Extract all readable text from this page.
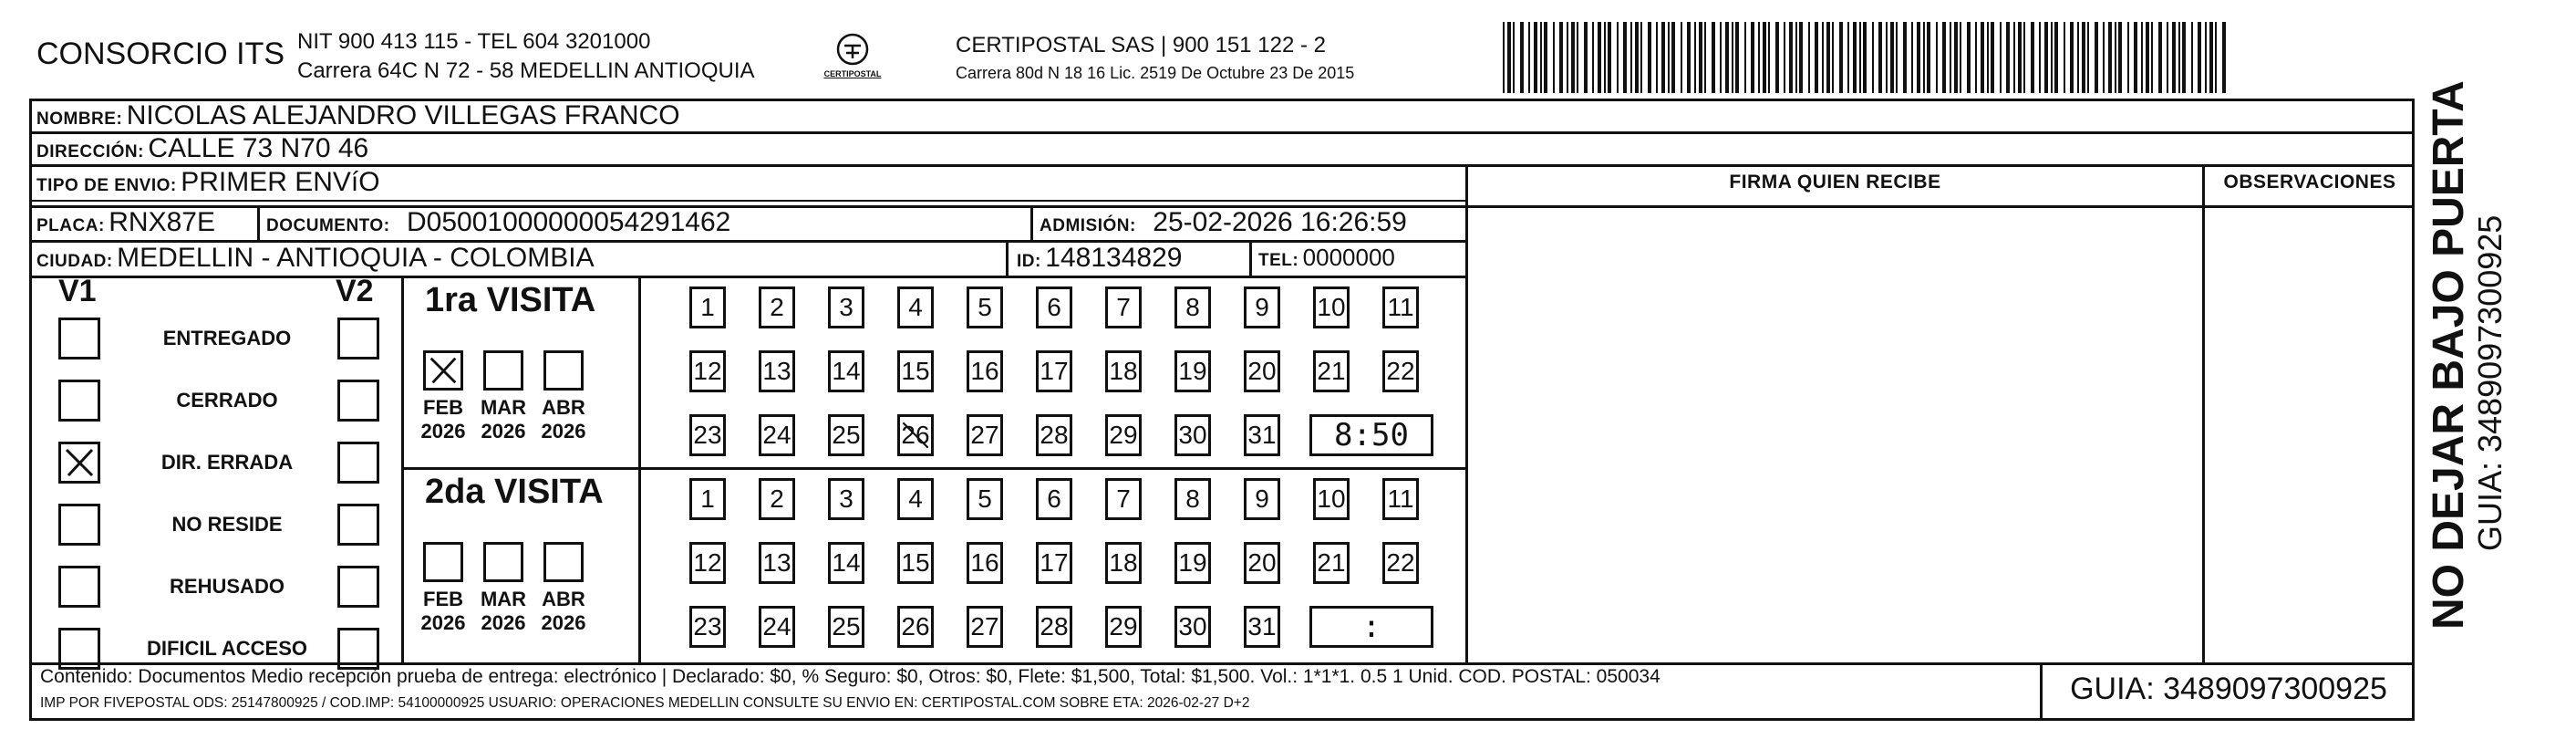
CONSORCIO ITS NIT 900 413 115 - TEL 604 3201000
Carrera 64C N 72 - 58 MEDELLIN ANTIOQUIA	CERTIPOSTAL
CERTIPOSTAL SAS | 900 151 122 - 2
Carrera 80d N 18 16 Lic. 2519 De Octubre 23 De 2015
NOMBRE: NICOLAS ALEJANDRO VILLEGAS FRANCO
DIRECCIÓN: CALLE 73 N70 46
TIPO DE ENVIO: PRIMER ENVíO
PLACA: RNX87E	DOCUMENTO: D05001000000054291462	ADMISIÓN: 25-02-2026 16:26:59
CIUDAD: MEDELLIN - ANTIOQUIA - COLOMBIA	ID: 148134829	TEL: 0000000
FIRMA QUIEN RECIBE	OBSERVACIONES
V1	V2
ENTREGADO
CERRADO
DIR. ERRADA
NO RESIDE
REHUSADO
DIFICIL ACCESO
1ra VISITA
FEB
2026
MAR
2026
ABR
2026
1	2	3	4	5	6	7	8	9	10 11
12 13 14 15 16 17 18 19 20 21 22
23 24 25 26 27 28 29 30 31	8:50
2da VISITA
FEB
2026
MAR
2026
ABR
2026
1	2	3	4	5	6	7	8	9	10 11
12 13 14 15 16 17 18 19 20 21 22
23 24 25 26 27 28 29 30 31	:
Contenido: Documentos Medio recepción prueba de entrega: electrónico | Declarado: $0, % Seguro: $0, Otros: $0, Flete: $1,500, Total: $1,500. Vol.: 1*1*1. 0.5 1 Unid. COD. POSTAL: 050034
IMP POR FIVEPOSTAL ODS: 25147800925 / COD.IMP: 54100000925 USUARIO: OPERACIONES MEDELLIN CONSULTE SU ENVIO EN: CERTIPOSTAL.COM SOBRE ETA: 2026-02-27 D+2	GUIA: 3489097300925
NO DEJAR BAJO PUERTA
GUIA: 3489097300925
